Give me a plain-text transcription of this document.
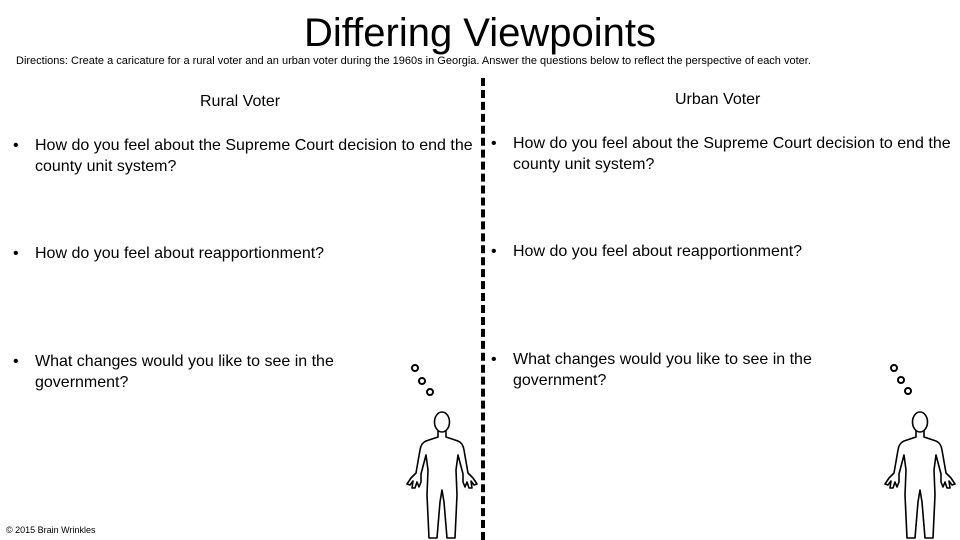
Differing Viewpoints
Directions: Create a caricature for a rural voter and an urban voter during the 1960s in Georgia. Answer the questions below to reflect the perspective of each voter.
Rural Voter	Urban Voter
•	How do you feel about the Supreme Court decision to end the county unit system?
•	How do you feel about reapportionment?
•	What changes would you like to see in the government?
•	How do you feel about the Supreme Court decision to end the county unit system?
•	How do you feel about reapportionment?
•	What changes would you like to see in the government?
© 2015 Brain Wrinkles
